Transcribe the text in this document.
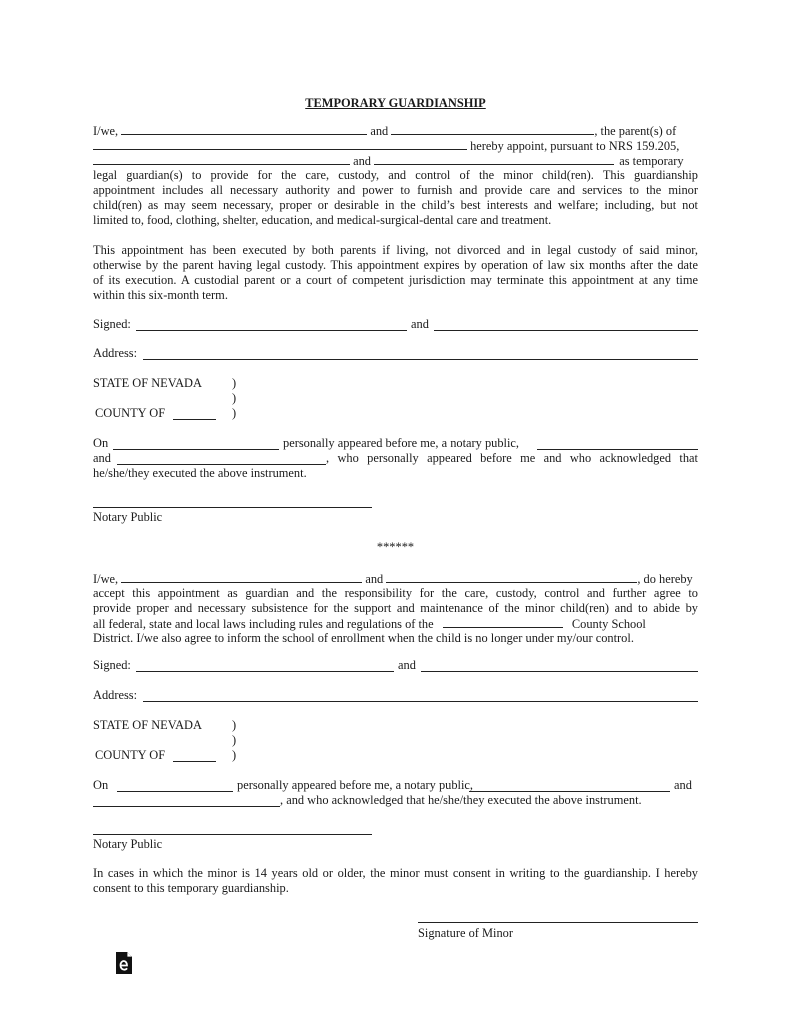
TEMPORARY GUARDIANSHIP
I/we,	and	, the parent(s) of
hereby appoint, pursuant to NRS 159.205,
and	as temporary
legal guardian(s) to provide for the care, custody, and control of the minor child(ren). This guardianship
appointment includes all necessary authority and power to furnish and provide care and services to the minor
child(ren) as may seem necessary, proper or desirable in the child’s best interests and welfare; including, but not
limited to, food, clothing, shelter, education, and medical-surgical-dental care and treatment.
This appointment has been executed by both parents if living, not divorced and in legal custody of said minor,
otherwise by the parent having legal custody. This appointment expires by operation of law six months after the date
of its execution. A custodial parent or a court of competent jurisdiction may terminate this appointment at any time
within this six-month term.
Signed:	and
Address:
STATE OF NEVADA )
)
COUNTY OF	)
On	personally appeared before me, a notary public,
and	, who personally appeared before me and who acknowledged that
he/she/they executed the above instrument.
Notary Public
******
I/we,	and	, do hereby
accept this appointment as guardian and the responsibility for the care, custody, control and further agree to
provide proper and necessary subsistence for the support and maintenance of the minor child(ren) and to abide by
all federal, state and local laws including rules and regulations of the	County School
District. I/we also agree to inform the school of enrollment when the child is no longer under my/our control.
Signed:	and
Address:
STATE OF NEVADA )
)
COUNTY OF	)
On	personally appeared before me, a notary public,	and
, and who acknowledged that he/she/they executed the above instrument.
Notary Public
In cases in which the minor is 14 years old or older, the minor must consent in writing to the guardianship. I hereby
consent to this temporary guardianship.
Signature of Minor
